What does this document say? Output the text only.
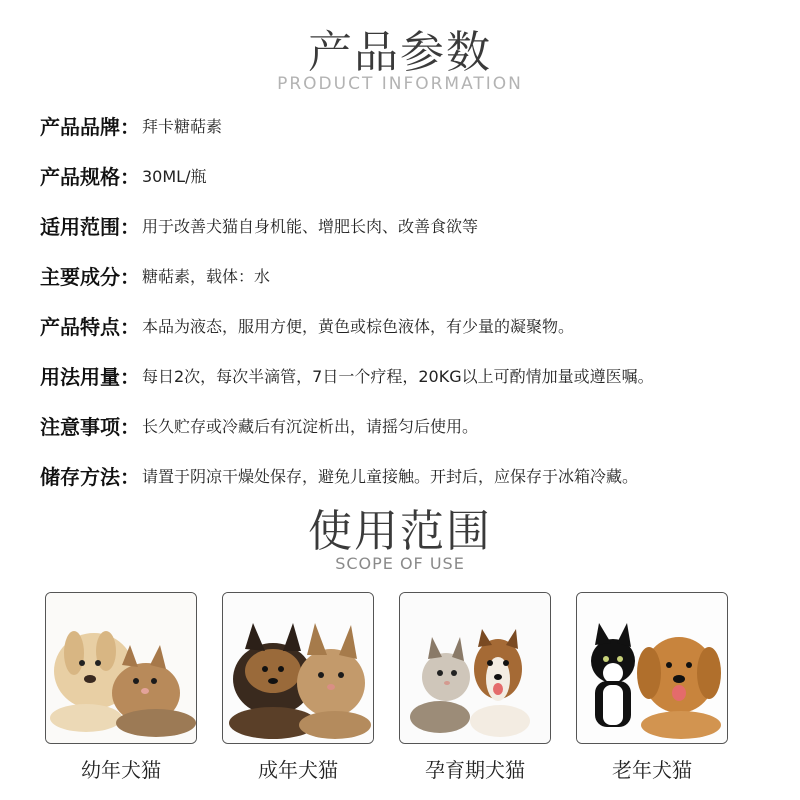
产品参数
PRODUCT INFORMATION
产品品牌： 拜卡糖萜素
产品规格： 30ML/瓶
适用范围： 用于改善犬猫自身机能、增肥长肉、改善食欲等
主要成分： 糖萜素，载体：水
产品特点： 本品为液态，服用方便，黄色或棕色液体，有少量的凝聚物。
用法用量： 每日2次，每次半滴管，7日一个疗程，20KG以上可酌情加量或遵医嘱。
注意事项： 长久贮存或冷藏后有沉淀析出，请摇匀后使用。
储存方法： 请置于阴凉干燥处保存，避免儿童接触。开封后，应保存于冰箱冷藏。
使用范围
SCOPE OF USE
幼年犬猫	成年犬猫	孕育期犬猫	老年犬猫
